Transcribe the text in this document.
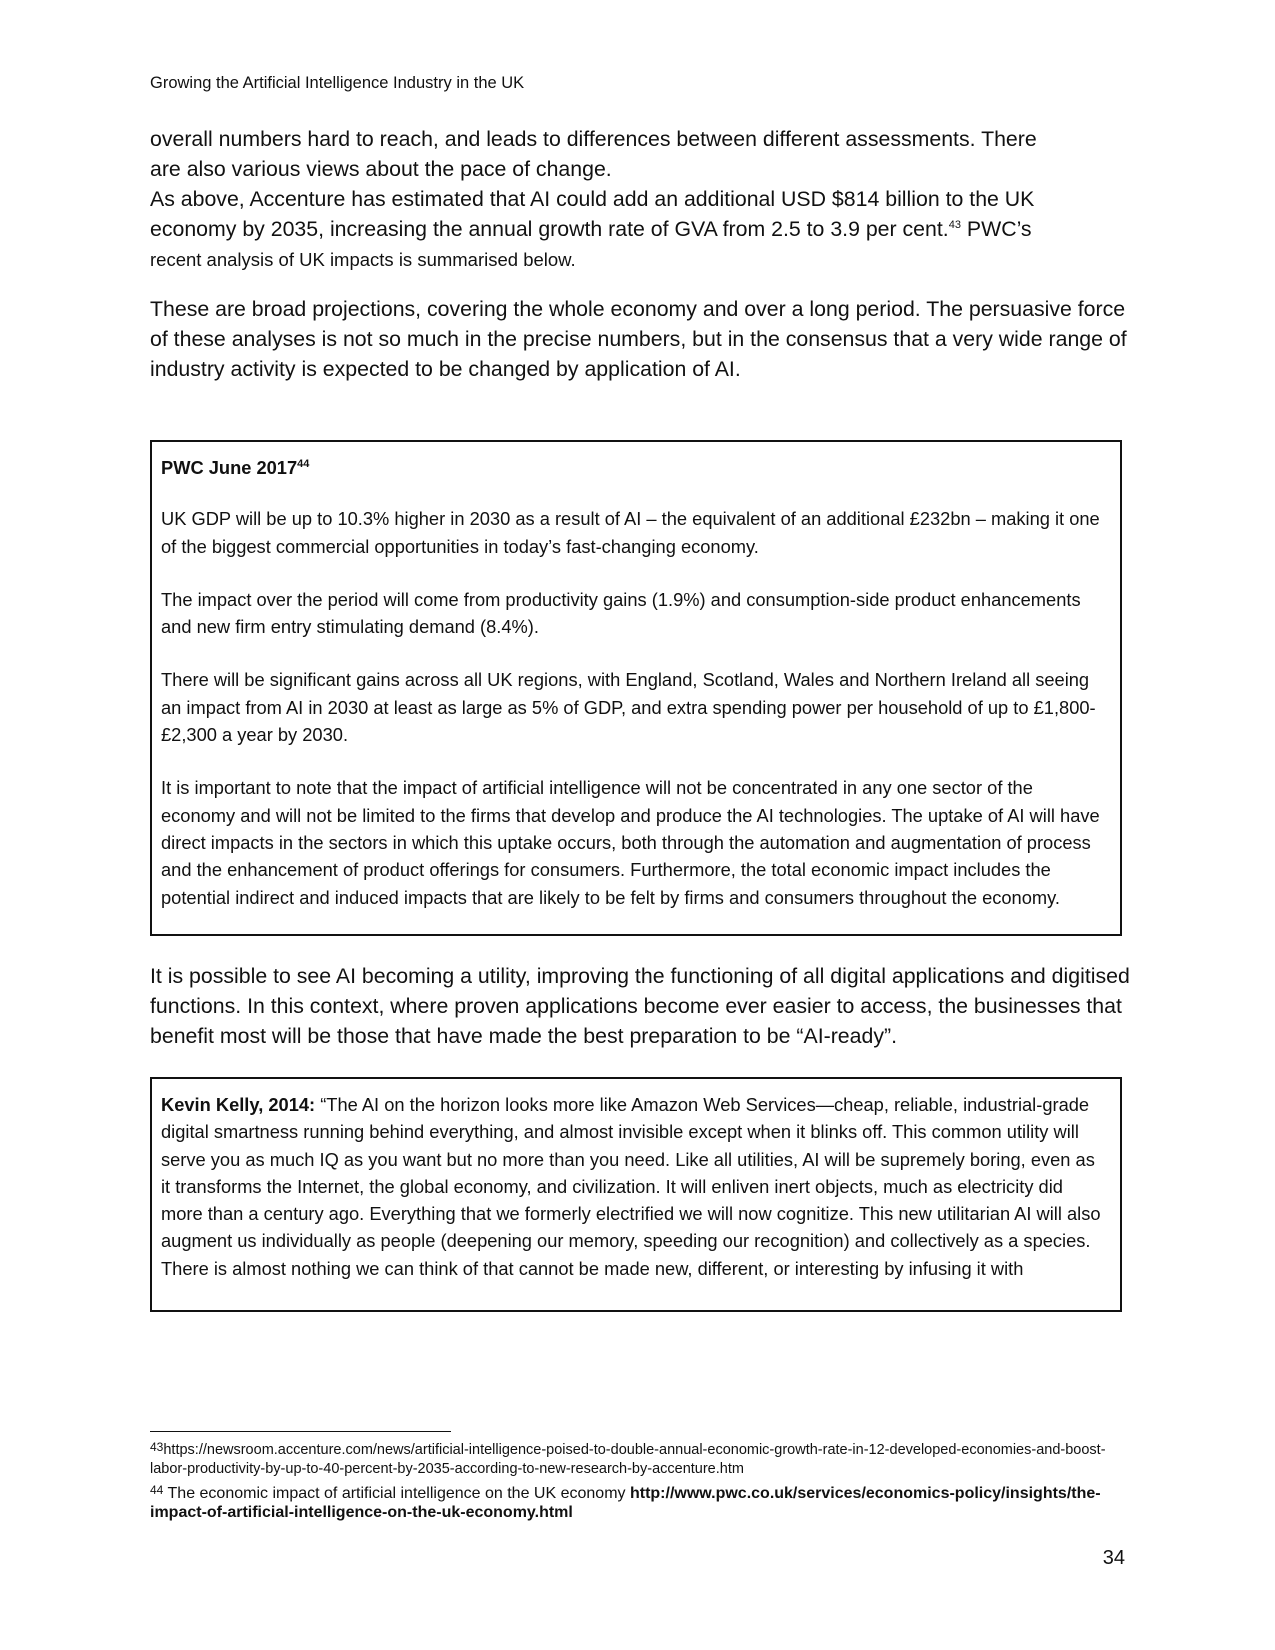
Growing the Artificial Intelligence Industry in the UK

overall numbers hard to reach, and leads to differences between different assessments. There
are also various views about the pace of change.
As above, Accenture has estimated that AI could add an additional USD $814 billion to the UK
economy by 2035, increasing the annual growth rate of GVA from 2.5 to 3.9 per cent.$^{43}$ PWC’s
recent analysis of UK impacts is summarised below.

These are broad projections, covering the whole economy and over a long period. The persuasive force of these analyses is not so much in the precise numbers, but in the consensus that a very wide range of industry activity is expected to be changed by application of AI.

PWC June 2017$^{44}$

UK GDP will be up to 10.3% higher in 2030 as a result of AI – the equivalent of an additional £232bn – making it one of the biggest commercial opportunities in today’s fast-changing economy.

The impact over the period will come from productivity gains (1.9%) and consumption-side product enhancements and new firm entry stimulating demand (8.4%).

There will be significant gains across all UK regions, with England, Scotland, Wales and Northern Ireland all seeing an impact from AI in 2030 at least as large as 5% of GDP, and extra spending power per household of up to £1,800-£2,300 a year by 2030.

It is important to note that the impact of artificial intelligence will not be concentrated in any one sector of the economy and will not be limited to the firms that develop and produce the AI technologies. The uptake of AI will have direct impacts in the sectors in which this uptake occurs, both through the automation and augmentation of process and the enhancement of product offerings for consumers. Furthermore, the total economic impact includes the potential indirect and induced impacts that are likely to be felt by firms and consumers throughout the economy.

It is possible to see AI becoming a utility, improving the functioning of all digital applications and digitised functions. In this context, where proven applications become ever easier to access, the businesses that benefit most will be those that have made the best preparation to be “AI-ready”.

Kevin Kelly, 2014: “The AI on the horizon looks more like Amazon Web Services—cheap, reliable, industrial-grade digital smartness running behind everything, and almost invisible except when it blinks off. This common utility will serve you as much IQ as you want but no more than you need. Like all utilities, AI will be supremely boring, even as it transforms the Internet, the global economy, and civilization. It will enliven inert objects, much as electricity did more than a century ago. Everything that we formerly electrified we will now cognitize. This new utilitarian AI will also augment us individually as people (deepening our memory, speeding our recognition) and collectively as a species. There is almost nothing we can think of that cannot be made new, different, or interesting by infusing it with

$^{43}$https://newsroom.accenture.com/news/artificial-intelligence-poised-to-double-annual-economic-growth-rate-in-12-developed-economies-and-boost-labor-productivity-by-up-to-40-percent-by-2035-according-to-new-research-by-accenture.htm

$^{44}$ The economic impact of artificial intelligence on the UK economy http://www.pwc.co.uk/services/economics-policy/insights/the-impact-of-artificial-intelligence-on-the-uk-economy.html

34
